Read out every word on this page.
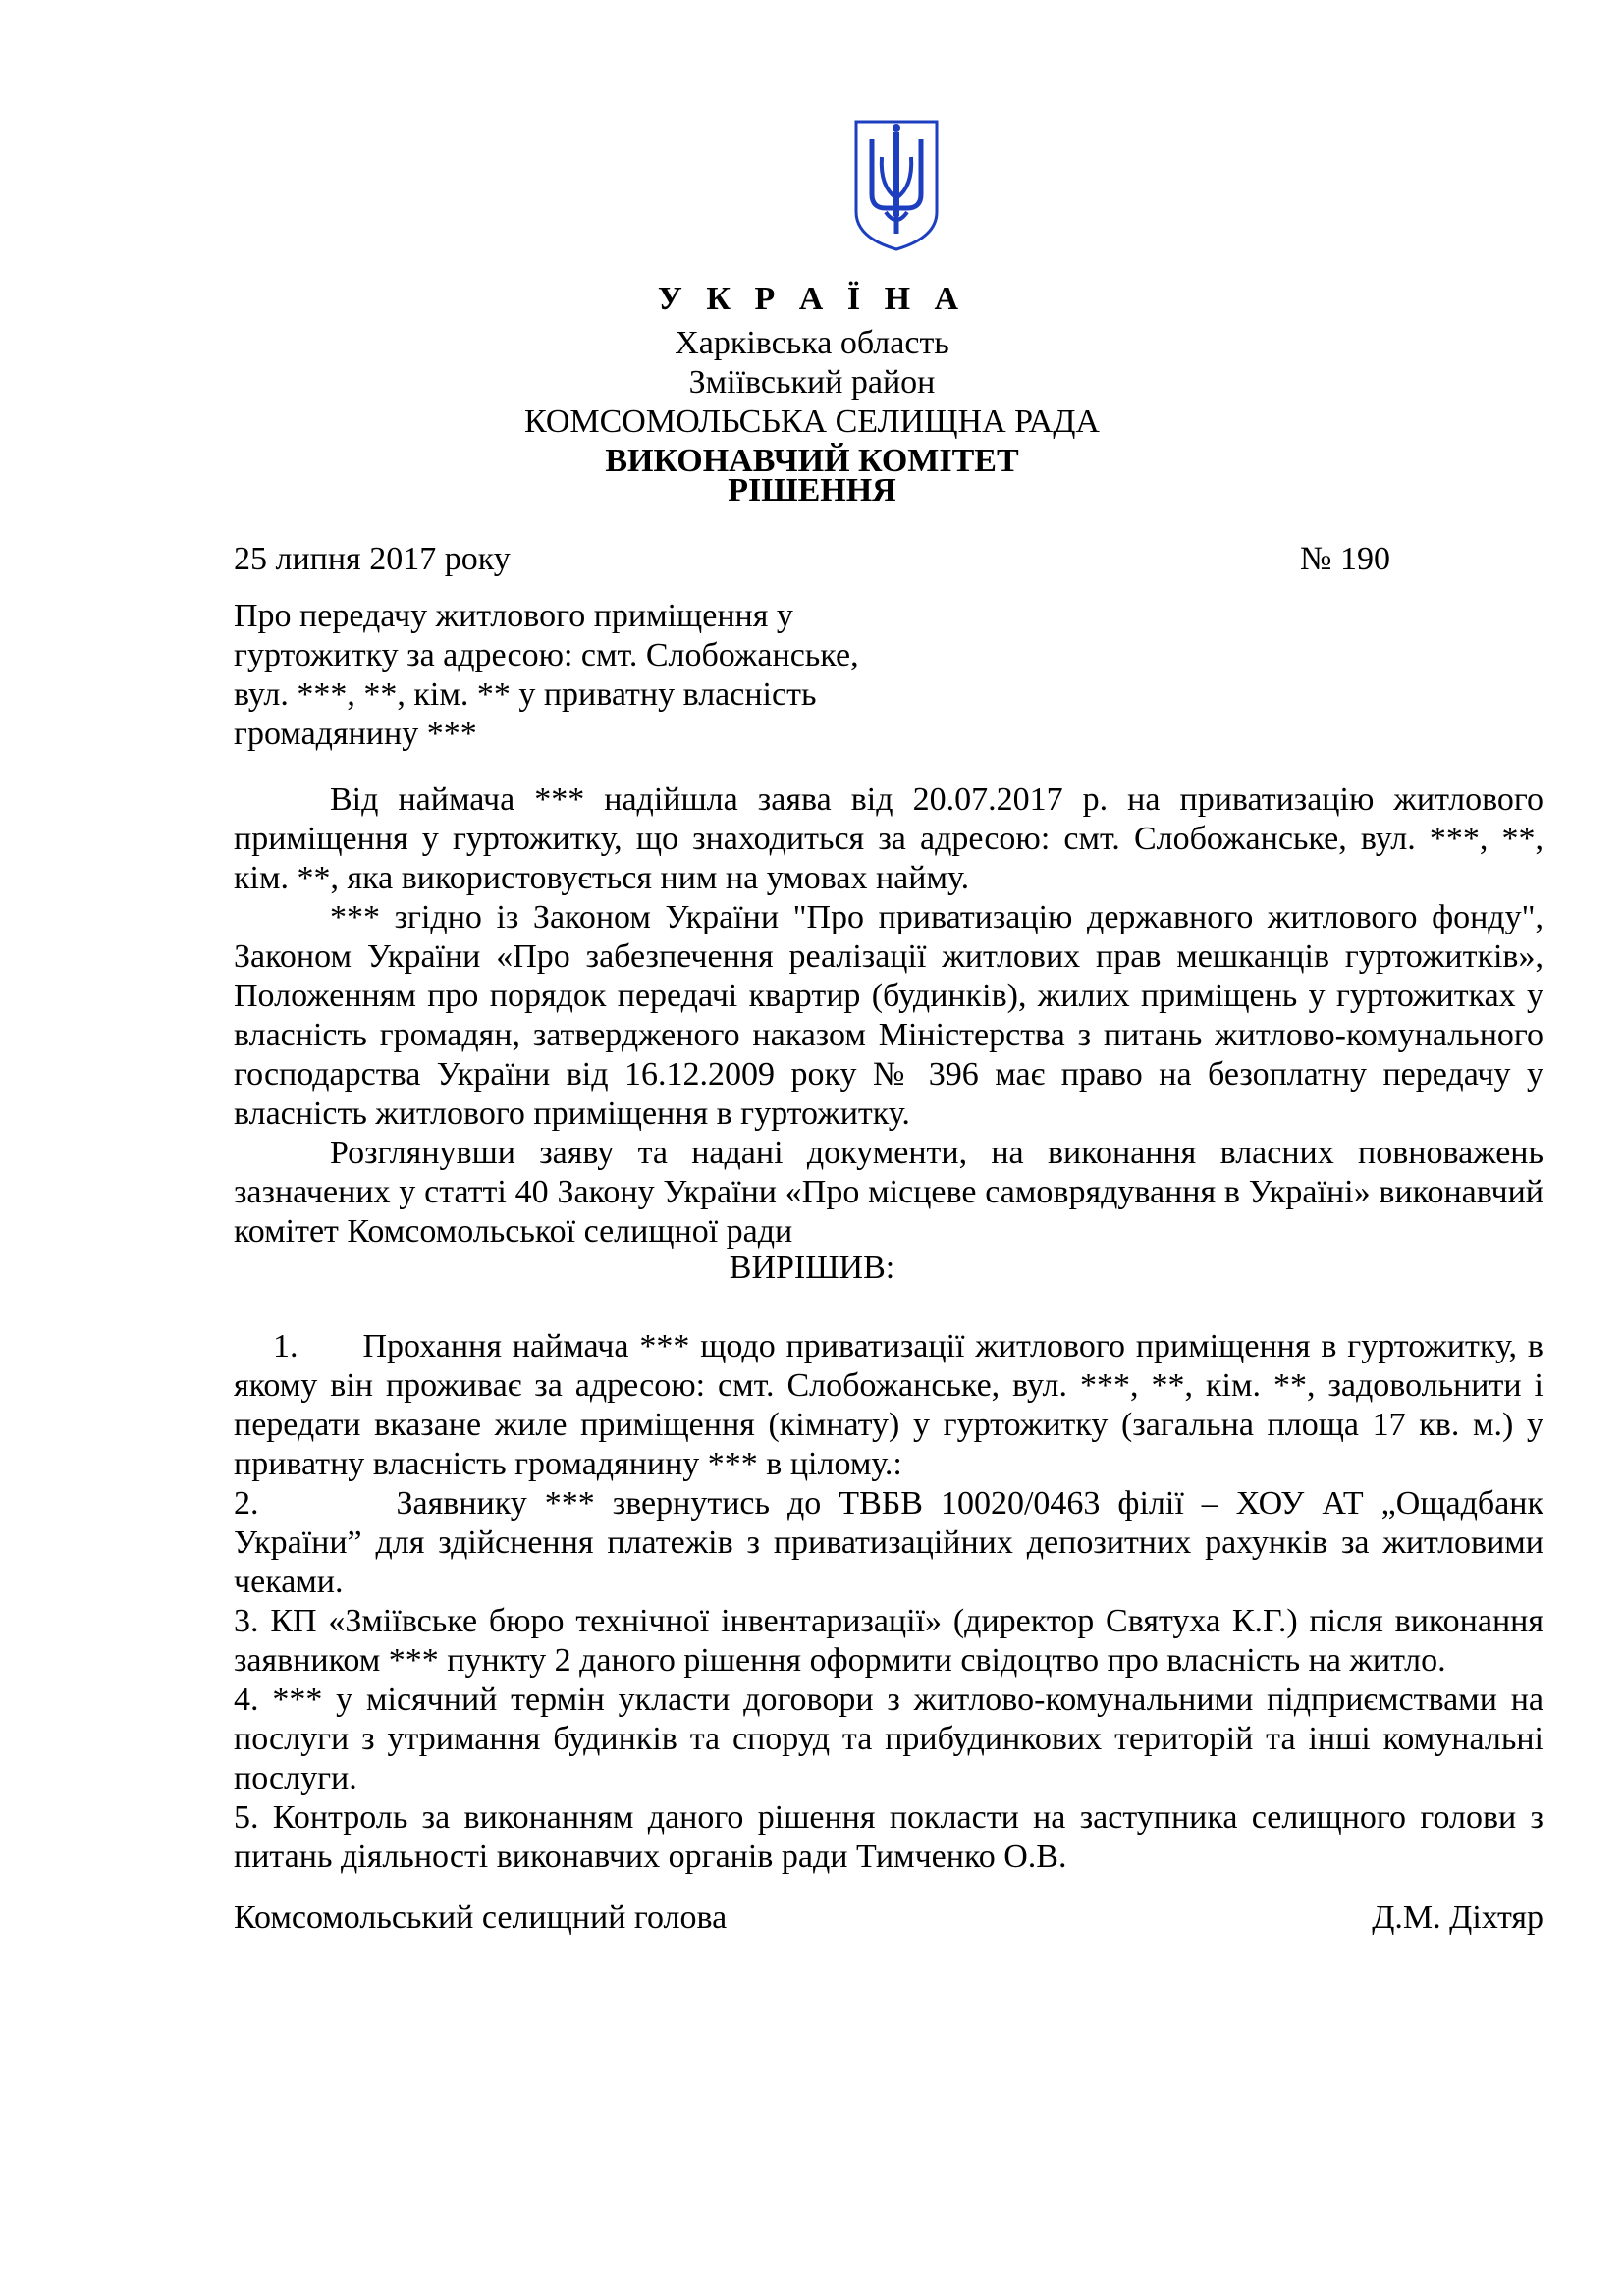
У К Р А Ї Н А

Харківська область

Зміївський район

КОМСОМОЛЬСЬКА СЕЛИЩНА РАДА

ВИКОНАВЧИЙ КОМІТЕТ

РІШЕННЯ

25 липня 2017 року	№ 190

Про передачу житлового приміщення у

гуртожитку за адресою: смт. Слобожанське,

вул. ***, **, кім. ** у приватну власність

громадянину ***

Від наймача *** надійшла заява від 20.07.2017 р. на приватизацію житлового приміщення у гуртожитку, що знаходиться за адресою: смт. Слобожанське, вул. ***, **, кім. **, яка використовується ним на умовах найму.

*** згідно із Законом України "Про приватизацію державного житлового фонду", Законом України «Про забезпечення реалізації житлових прав мешканців гуртожитків», Положенням про порядок передачі квартир (будинків), жилих приміщень у гуртожитках у власність громадян, затвердженого наказом Міністерства з питань житлово-комунального господарства України від 16.12.2009 року № 396 має право на безоплатну передачу у власність житлового приміщення в гуртожитку.

Розглянувши заяву та надані документи, на виконання власних повноважень зазначених у статті 40 Закону України «Про місцеве самоврядування в Україні» виконавчий комітет Комсомольської селищної ради

ВИРІШИВ:

1. Прохання наймача *** щодо приватизації житлового приміщення в гуртожитку, в якому він проживає за адресою: смт. Слобожанське, вул. ***, **, кім. **, задовольнити і передати вказане жиле приміщення (кімнату) у гуртожитку (загальна площа 17 кв. м.) у приватну власність громадянину *** в цілому.:

2.	Заявнику *** звернутись до ТВБВ 10020/0463 філії – ХОУ АТ „Ощадбанк України” для здійснення платежів з приватизаційних депозитних рахунків за житловими чеками.

3. КП «Зміївське бюро технічної інвентаризації» (директор Святуха К.Г.) після виконання заявником *** пункту 2 даного рішення оформити свідоцтво про власність на житло.

4. *** у місячний термін укласти договори з житлово-комунальними підприємствами на послуги з утримання будинків та споруд та прибудинкових територій та інші комунальні послуги.

5. Контроль за виконанням даного рішення покласти на заступника селищного голови з питань діяльності виконавчих органів ради Тимченко О.В.

Комсомольський селищний голова	Д.М. Діхтяр
